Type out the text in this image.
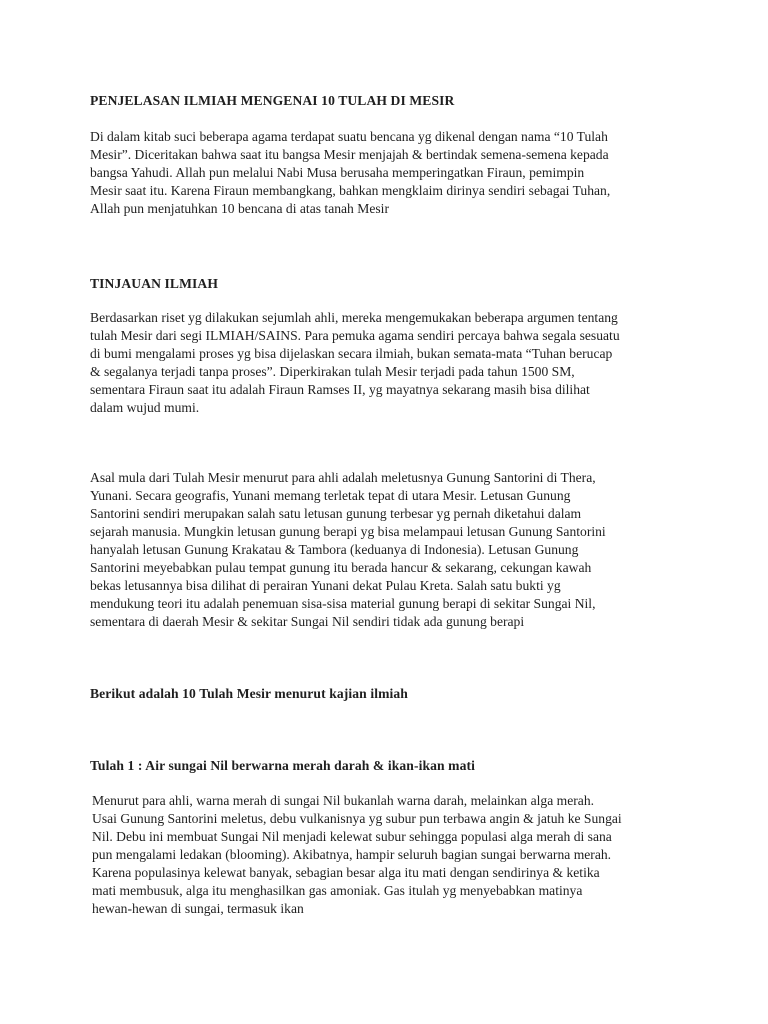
PENJELASAN ILMIAH MENGENAI 10 TULAH DI MESIR
Di dalam kitab suci beberapa agama terdapat suatu bencana yg dikenal dengan nama “10 Tulah
Mesir”. Diceritakan bahwa saat itu bangsa Mesir menjajah & bertindak semena-semena kepada
bangsa Yahudi. Allah pun melalui Nabi Musa berusaha memperingatkan Firaun, pemimpin
Mesir saat itu. Karena Firaun membangkang, bahkan mengklaim dirinya sendiri sebagai Tuhan,
Allah pun menjatuhkan 10 bencana di atas tanah Mesir
TINJAUAN ILMIAH
Berdasarkan riset yg dilakukan sejumlah ahli, mereka mengemukakan beberapa argumen tentang
tulah Mesir dari segi ILMIAH/SAINS. Para pemuka agama sendiri percaya bahwa segala sesuatu
di bumi mengalami proses yg bisa dijelaskan secara ilmiah, bukan semata-mata “Tuhan berucap
& segalanya terjadi tanpa proses”. Diperkirakan tulah Mesir terjadi pada tahun 1500 SM,
sementara Firaun saat itu adalah Firaun Ramses II, yg mayatnya sekarang masih bisa dilihat
dalam wujud mumi.
Asal mula dari Tulah Mesir menurut para ahli adalah meletusnya Gunung Santorini di Thera,
Yunani. Secara geografis, Yunani memang terletak tepat di utara Mesir. Letusan Gunung
Santorini sendiri merupakan salah satu letusan gunung terbesar yg pernah diketahui dalam
sejarah manusia. Mungkin letusan gunung berapi yg bisa melampaui letusan Gunung Santorini
hanyalah letusan Gunung Krakatau & Tambora (keduanya di Indonesia). Letusan Gunung
Santorini meyebabkan pulau tempat gunung itu berada hancur & sekarang, cekungan kawah
bekas letusannya bisa dilihat di perairan Yunani dekat Pulau Kreta. Salah satu bukti yg
mendukung teori itu adalah penemuan sisa-sisa material gunung berapi di sekitar Sungai Nil,
sementara di daerah Mesir & sekitar Sungai Nil sendiri tidak ada gunung berapi
Berikut adalah 10 Tulah Mesir menurut kajian ilmiah
Tulah 1 : Air sungai Nil berwarna merah darah & ikan-ikan mati
Menurut para ahli, warna merah di sungai Nil bukanlah warna darah, melainkan alga merah.
Usai Gunung Santorini meletus, debu vulkanisnya yg subur pun terbawa angin & jatuh ke Sungai
Nil. Debu ini membuat Sungai Nil menjadi kelewat subur sehingga populasi alga merah di sana
pun mengalami ledakan (blooming). Akibatnya, hampir seluruh bagian sungai berwarna merah.
Karena populasinya kelewat banyak, sebagian besar alga itu mati dengan sendirinya & ketika
mati membusuk, alga itu menghasilkan gas amoniak. Gas itulah yg menyebabkan matinya
hewan-hewan di sungai, termasuk ikan
